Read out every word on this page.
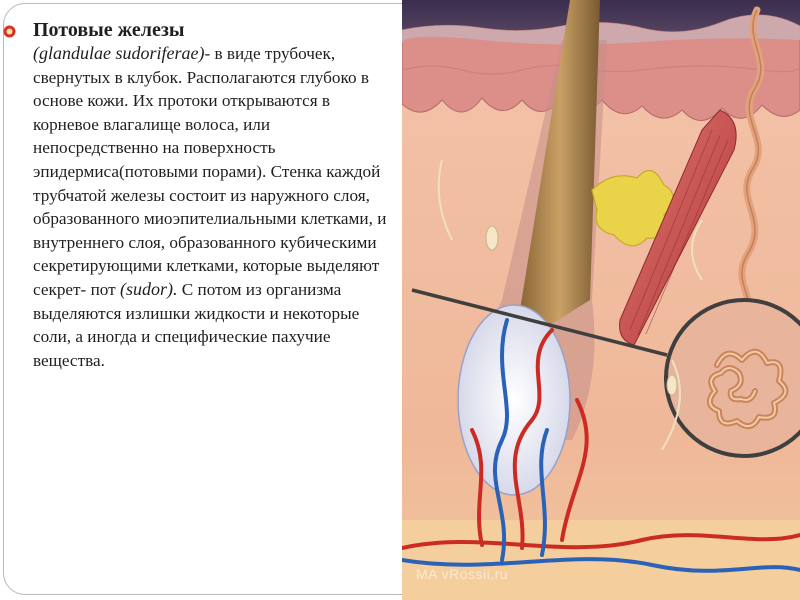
Потовые железы
(glandulae sudoriferae)- в виде трубочек, свернутых в клубок. Располагаются глубоко в основе кожи. Их протоки открываются в корневое влагалище волоса, или непосредственно на поверхность эпидермиса(потовыми порами). Стенка каждой трубчатой железы состоит из наружного слоя, образованного миоэпителиальными клетками, и внутреннего слоя, образованного кубическими секретирующими клетками, которые выделяют секрет- пот (sudor). С потом из организма выделяются излишки жидкости и некоторые соли, а иногда и специфические пахучие вещества.
MA vRossii.ru
